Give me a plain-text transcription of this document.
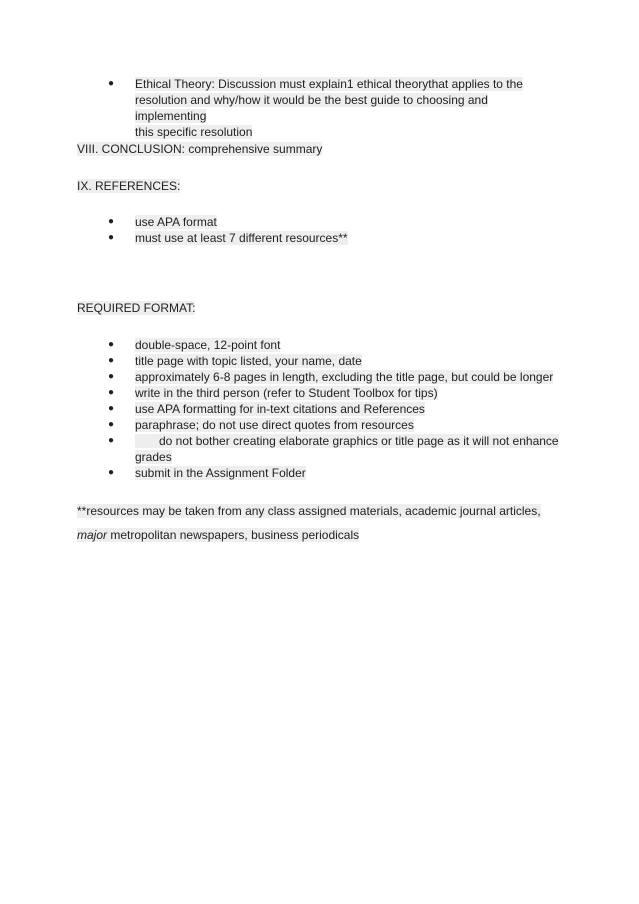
● Ethical Theory: Discussion must explain1 ethical theorythat applies to the
resolution and why/how it would be the best guide to choosing and implementing
this specific resolution
VIII. CONCLUSION: comprehensive summary
IX. REFERENCES:
● use APA format
● must use at least 7 different resources**
REQUIRED FORMAT:
● double-space, 12-point font
● title page with topic listed, your name, date
● approximately 6-8 pages in length, excluding the title page, but could be longer
● write in the third person (refer to Student Toolbox for tips)
● use APA formatting for in-text citations and References
● paraphrase; do not use direct quotes from resources
●	do not bother creating elaborate graphics or title page as it will not enhance
grades
● submit in the Assignment Folder
**resources may be taken from any class assigned materials, academic journal articles,
major metropolitan newspapers, business periodicals
